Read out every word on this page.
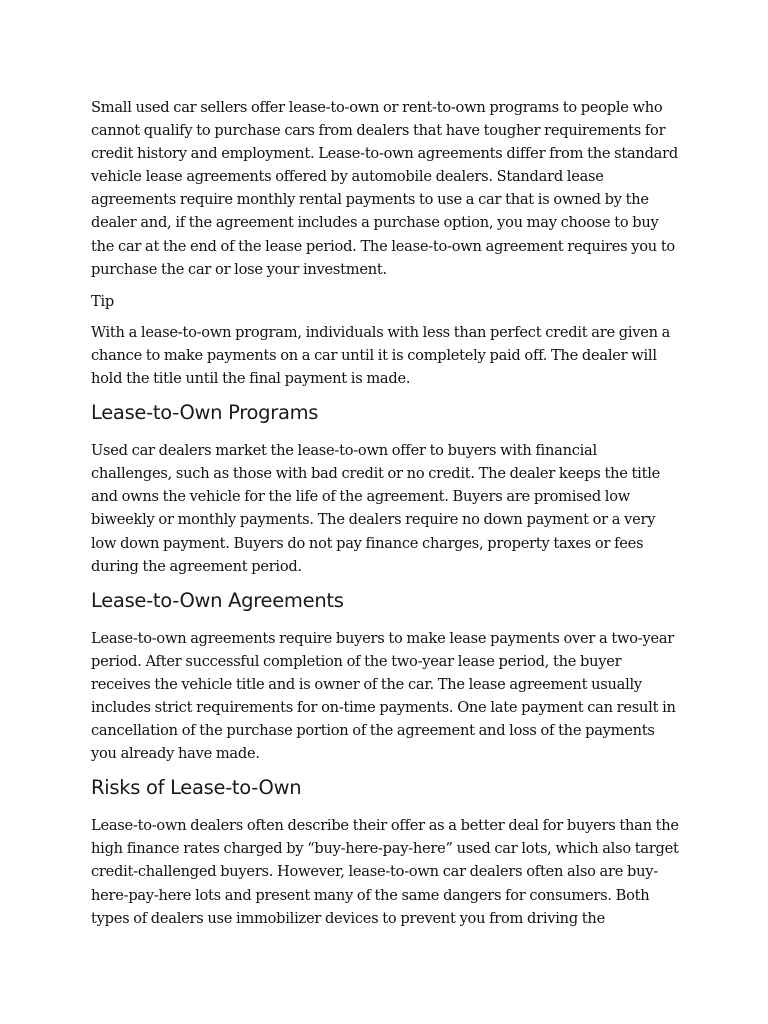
Small used car sellers offer lease-to-own or rent-to-own programs to people who cannot qualify to purchase cars from dealers that have tougher requirements for credit history and employment. Lease-to-own agreements differ from the standard vehicle lease agreements offered by automobile dealers. Standard lease agreements require monthly rental payments to use a car that is owned by the dealer and, if the agreement includes a purchase option, you may choose to buy the car at the end of the lease period. The lease-to-own agreement requires you to purchase the car or lose your investment.

Tip

With a lease-to-own program, individuals with less than perfect credit are given a chance to make payments on a car until it is completely paid off. The dealer will hold the title until the final payment is made.

Lease-to-Own Programs

Used car dealers market the lease-to-own offer to buyers with financial challenges, such as those with bad credit or no credit. The dealer keeps the title and owns the vehicle for the life of the agreement. Buyers are promised low biweekly or monthly payments. The dealers require no down payment or a very low down payment. Buyers do not pay finance charges, property taxes or fees during the agreement period.

Lease-to-Own Agreements

Lease-to-own agreements require buyers to make lease payments over a two-year period. After successful completion of the two-year lease period, the buyer receives the vehicle title and is owner of the car. The lease agreement usually includes strict requirements for on-time payments. One late payment can result in cancellation of the purchase portion of the agreement and loss of the payments you already have made.

Risks of Lease-to-Own

Lease-to-own dealers often describe their offer as a better deal for buyers than the high finance rates charged by “buy-here-pay-here” used car lots, which also target credit-challenged buyers. However, lease-to-own car dealers often also are buy-here-pay-here lots and present many of the same dangers for consumers. Both types of dealers use immobilizer devices to prevent you from driving the
